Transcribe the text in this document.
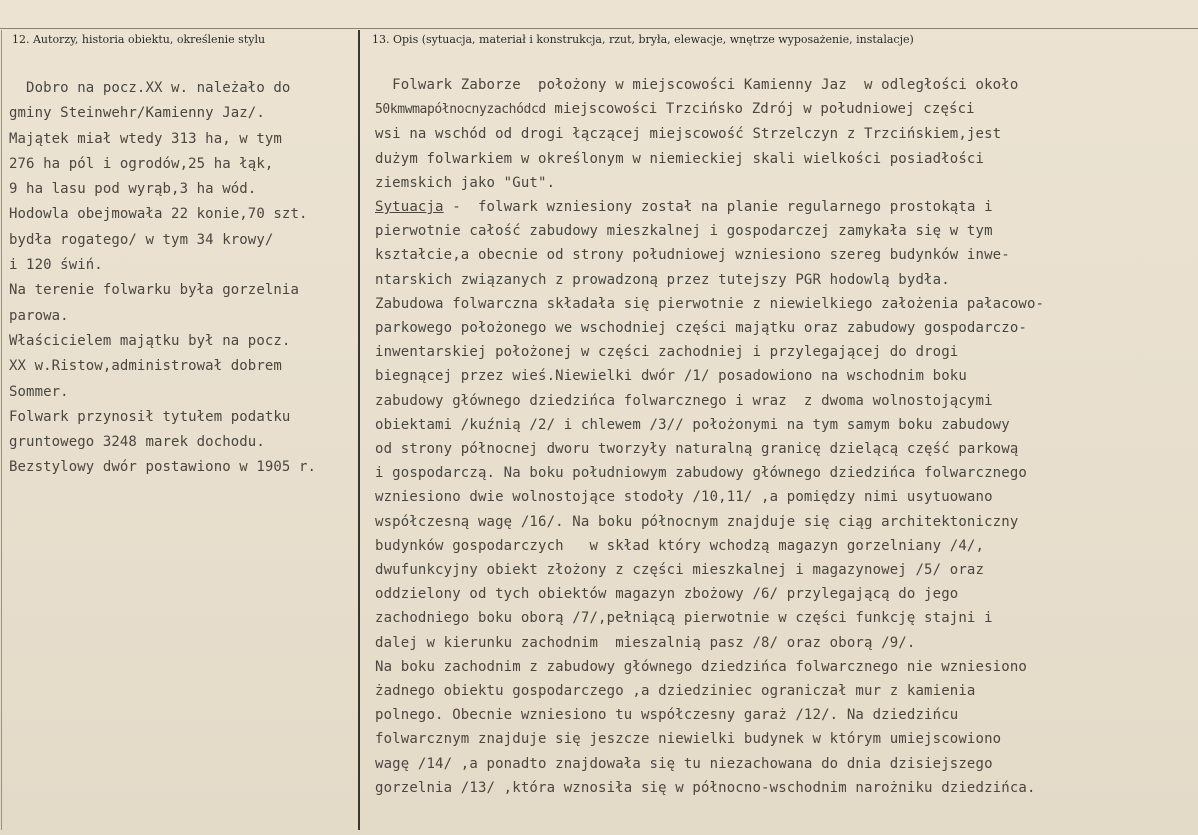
12. Autorzy, historia obiektu, określenie stylu	13. Opis (sytuacja, materiał i konstrukcja, rzut, bryła, elewacje, wnętrze wyposażenie, instalacje)
Dobro na pocz.XX w. należało do
gminy Steinwehr/Kamienny Jaz/.
Majątek miał wtedy 313 ha, w tym
276 ha pól i ogrodów,25 ha łąk,
9 ha lasu pod wyrąb,3 ha wód.
Hodowla obejmowała 22 konie,70 szt.
bydła rogatego/ w tym 34 krowy/
i 120 świń.
Na terenie folwarku była gorzelnia
parowa.
Właścicielem majątku był na pocz.
XX w.Ristow,administrował dobrem
Sommer.
Folwark przynosił tytułem podatku
gruntowego 3248 marek dochodu.
Bezstylowy dwór postawiono w 1905 r.
Folwark Zaborze  położony w miejscowości Kamienny Jaz  w odległości około
50kmwmapółnocnyzachódcd miejscowości Trzcińsko Zdrój w południowej części
wsi na wschód od drogi łączącej miejscowość Strzelczyn z Trzcińskiem,jest
dużym folwarkiem w określonym w niemieckiej skali wielkości posiadłości
ziemskich jako "Gut".
Sytuacja -  folwark wzniesiony został na planie regularnego prostokąta i
pierwotnie całość zabudowy mieszkalnej i gospodarczej zamykała się w tym
kształcie,a obecnie od strony południowej wzniesiono szereg budynków inwe-
ntarskich związanych z prowadzoną przez tutejszy PGR hodowlą bydła.
Zabudowa folwarczna składała się pierwotnie z niewielkiego założenia pałacowo-
parkowego położonego we wschodniej części majątku oraz zabudowy gospodarczo-
inwentarskiej położonej w części zachodniej i przylegającej do drogi
biegnącej przez wieś.Niewielki dwór /1/ posadowiono na wschodnim boku
zabudowy głównego dziedzińca folwarcznego i wraz  z dwoma wolnostojącymi
obiektami /kuźnią /2/ i chlewem /3// położonymi na tym samym boku zabudowy
od strony północnej dworu tworzyły naturalną granicę dzielącą część parkową
i gospodarczą. Na boku południowym zabudowy głównego dziedzińca folwarcznego
wzniesiono dwie wolnostojące stodoły /10,11/ ,a pomiędzy nimi usytuowano
współczesną wagę /16/. Na boku północnym znajduje się ciąg architektoniczny
budynków gospodarczych   w skład który wchodzą magazyn gorzelniany /4/,
dwufunkcyjny obiekt złożony z części mieszkalnej i magazynowej /5/ oraz
oddzielony od tych obiektów magazyn zbożowy /6/ przylegającą do jego
zachodniego boku oborą /7/,pełniącą pierwotnie w części funkcję stajni i
dalej w kierunku zachodnim  mieszalnią pasz /8/ oraz oborą /9/.
Na boku zachodnim z zabudowy głównego dziedzińca folwarcznego nie wzniesiono
żadnego obiektu gospodarczego ,a dziedziniec ograniczał mur z kamienia
polnego. Obecnie wzniesiono tu współczesny garaż /12/. Na dziedzińcu
folwarcznym znajduje się jeszcze niewielki budynek w którym umiejscowiono
wagę /14/ ,a ponadto znajdowała się tu niezachowana do dnia dzisiejszego
gorzelnia /13/ ,która wznosiła się w północno-wschodnim narożniku dziedzińca.
